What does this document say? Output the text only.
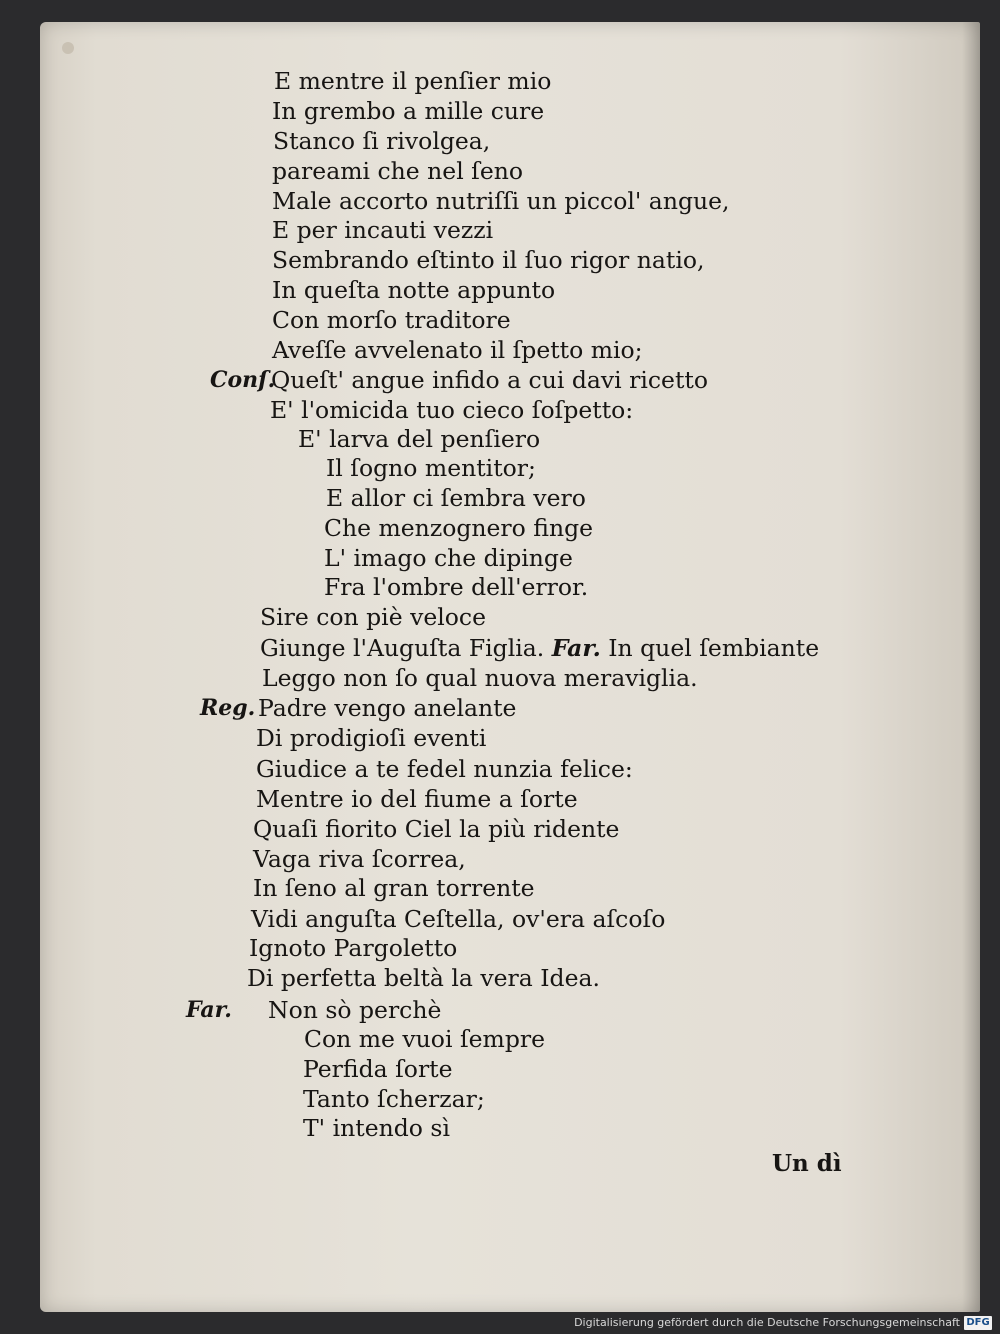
E mentre il penſier mio
In grembo a mille cure
Stanco ſi rivolgea,
pareami che nel ſeno
Male accorto nutriſſi un piccol' angue,
E per incauti vezzi
Sembrando eſtinto il ſuo rigor natio,
In queſta notte appunto
Con morſo traditore
Aveſſe avvelenato il ſpetto mio;
Conſ.
Queſt' angue infido a cui davi ricetto
E' l'omicida tuo cieco ſoſpetto:
E' larva del penſiero
Il ſogno mentitor;
E allor ci ſembra vero
Che menzognero finge
L' imago che dipinge
Fra l'ombre dell'error.
Sire con piè veloce
Giunge l'Auguſta Figlia. Far. In quel ſembiante
Leggo non ſo qual nuova meraviglia.
Reg. Padre vengo anelante
Di prodigioſi eventi
Giudice a te fedel nunzia felice:
Mentre io del fiume a ſorte
Quaſi fiorito Ciel la più ridente
Vaga riva ſcorrea,
In ſeno al gran torrente
Vidi anguſta Ceſtella, ov'era aſcoſo
Ignoto Pargoletto
Di perfetta beltà la vera Idea.
Far. Non sò perchè
Con me vuoi ſempre
Perfida ſorte
Tanto ſcherzar;
T' intendo sì
Un dì
Digitalisierung gefördert durch die Deutsche Forschungsgemeinschaft DFG
